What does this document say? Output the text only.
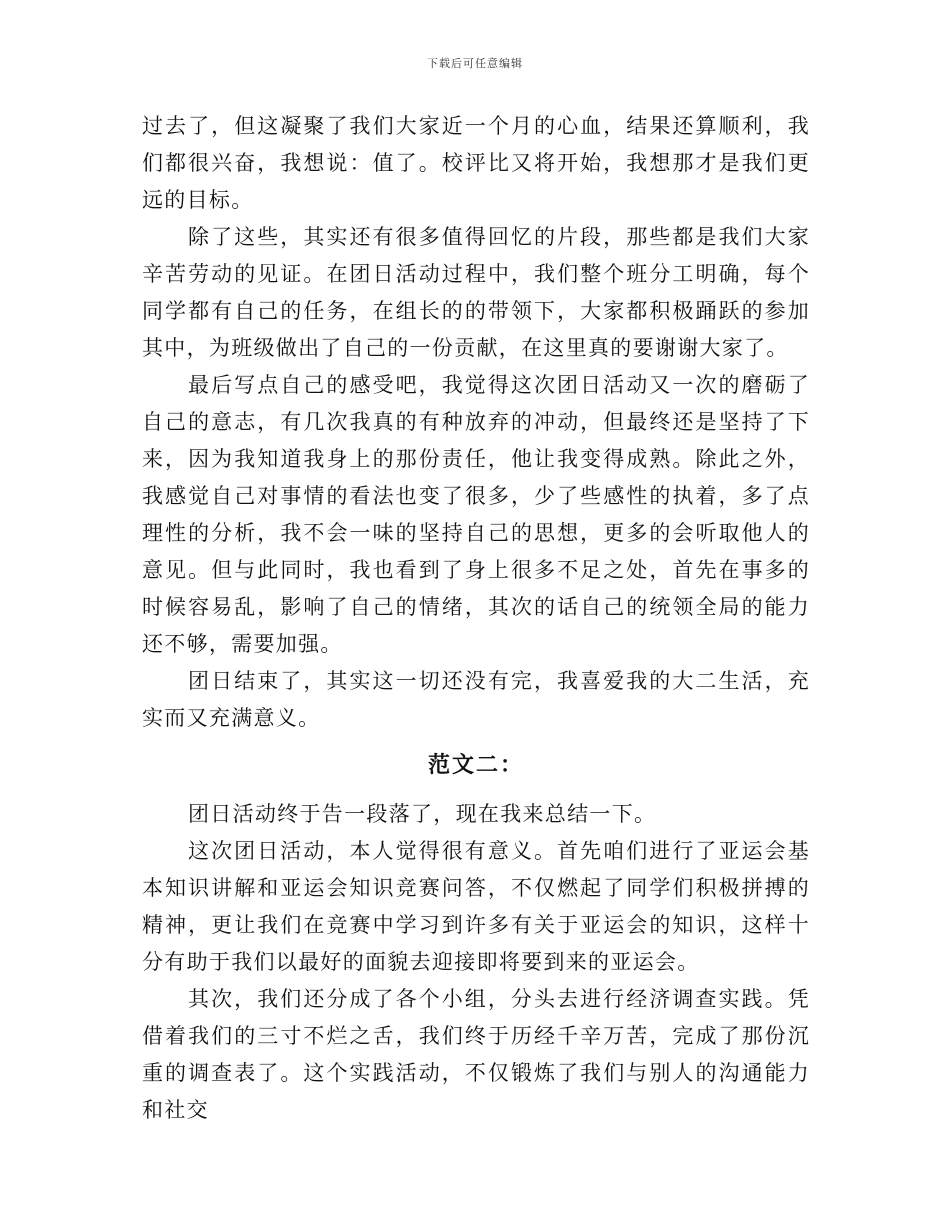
下载后可任意编辑

过去了，但这凝聚了我们大家近一个月的心血，结果还算顺利，我们都很兴奋，我想说：值了。校评比又将开始，我想那才是我们更远的目标。

除了这些，其实还有很多值得回忆的片段，那些都是我们大家辛苦劳动的见证。在团日活动过程中，我们整个班分工明确，每个同学都有自己的任务，在组长的的带领下，大家都积极踊跃的参加其中，为班级做出了自己的一份贡献，在这里真的要谢谢大家了。

最后写点自己的感受吧，我觉得这次团日活动又一次的磨砺了自己的意志，有几次我真的有种放弃的冲动，但最终还是坚持了下来，因为我知道我身上的那份责任，他让我变得成熟。除此之外，我感觉自己对事情的看法也变了很多，少了些感性的执着，多了点理性的分析，我不会一味的坚持自己的思想，更多的会听取他人的意见。但与此同时，我也看到了身上很多不足之处，首先在事多的时候容易乱，影响了自己的情绪，其次的话自己的统领全局的能力还不够，需要加强。

团日结束了，其实这一切还没有完，我喜爱我的大二生活，充实而又充满意义。

范文二：

团日活动终于告一段落了，现在我来总结一下。

这次团日活动，本人觉得很有意义。首先咱们进行了亚运会基本知识讲解和亚运会知识竞赛问答，不仅燃起了同学们积极拼搏的精神，更让我们在竞赛中学习到许多有关于亚运会的知识，这样十分有助于我们以最好的面貌去迎接即将要到来的亚运会。

其次，我们还分成了各个小组，分头去进行经济调查实践。凭借着我们的三寸不烂之舌，我们终于历经千辛万苦，完成了那份沉重的调查表了。这个实践活动，不仅锻炼了我们与别人的沟通能力和社交
